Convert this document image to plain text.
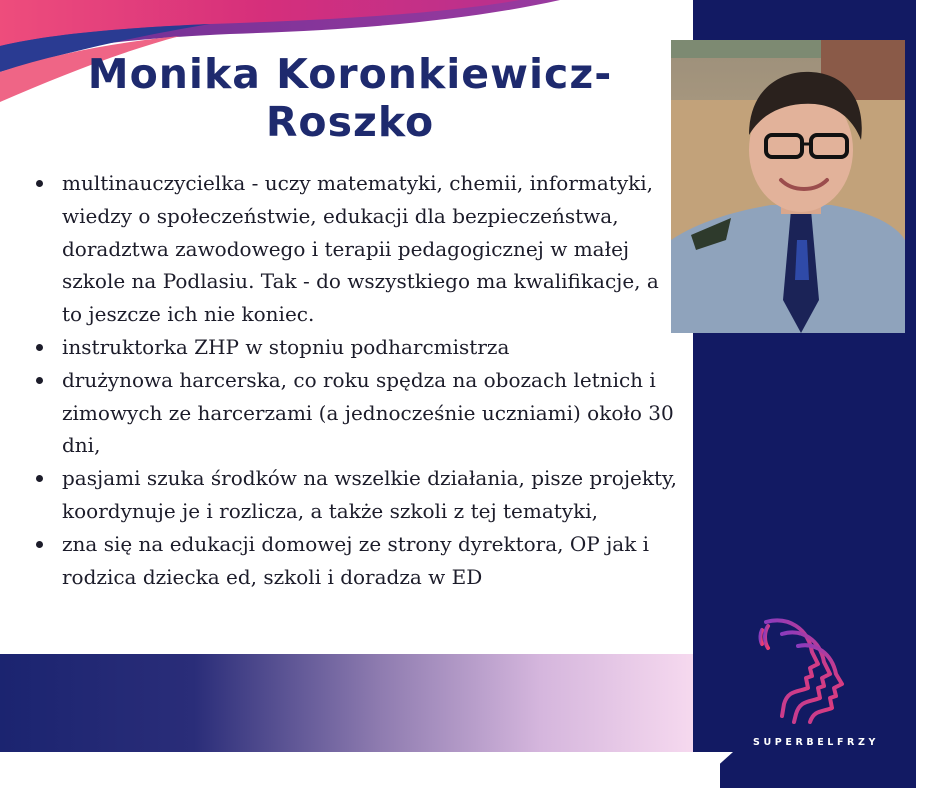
Monika Koronkiewicz-
Roszko
multinauczycielka - uczy matematyki, chemii, informatyki, wiedzy o społeczeństwie, edukacji dla bezpieczeństwa, doradztwa zawodowego i terapii pedagogicznej w małej szkole na Podlasiu. Tak - do wszystkiego ma kwalifikacje, a to jeszcze ich nie koniec.
instruktorka ZHP w stopniu podharcmistrza
drużynowa harcerska, co roku spędza na obozach letnich i zimowych ze harcerzami (a jednocześnie uczniami) około 30 dni,
pasjami szuka środków na wszelkie działania, pisze projekty, koordynuje je i rozlicza, a także szkoli z tej tematyki,
zna się na edukacji domowej ze strony dyrektora, OP jak i rodzica dziecka ed, szkoli i doradza w ED
SUPERBELFRZY
